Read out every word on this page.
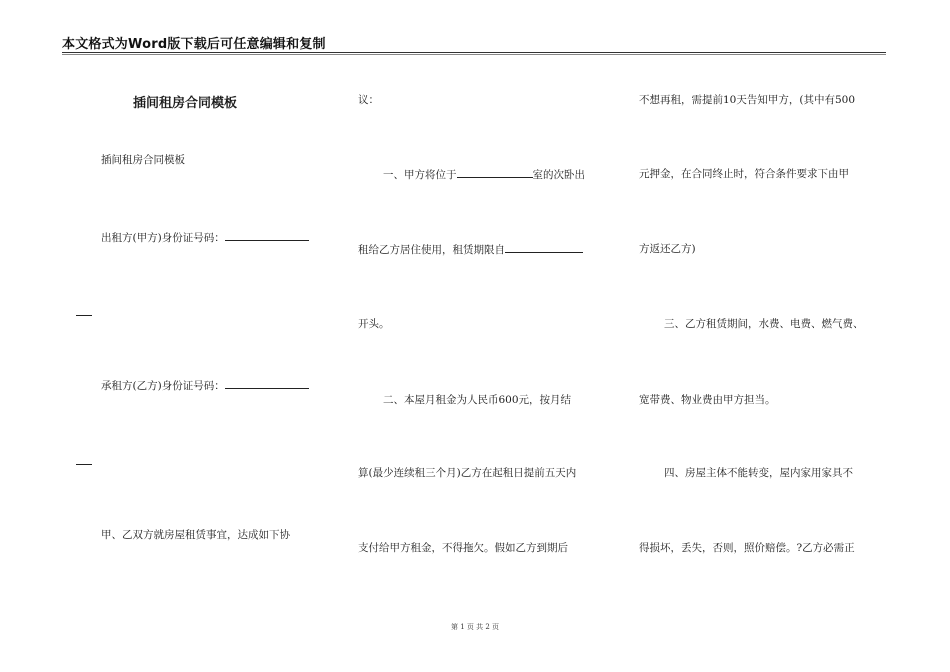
本文格式为Word版下载后可任意编辑和复制
插间租房合同模板
插间租房合同模板
出租方(甲方)身份证号码：
承租方(乙方)身份证号码：
甲、乙双方就房屋租赁事宜，达成如下协
议：
一、甲方将位于	室的次卧出
租给乙方居住使用，租赁期限自
开头。
二、本屋月租金为人民币600元，按月结
算(最少连续租三个月)乙方在起租日提前五天内
支付给甲方租金，不得拖欠。假如乙方到期后
不想再租，需提前10天告知甲方，(其中有500
元押金，在合同终止时，符合条件要求下由甲
方返还乙方)
三、乙方租赁期间，水费、电费、燃气费、
宽带费、物业费由甲方担当。
四、房屋主体不能转变，屋内家用家具不
得损坏，丢失，否则，照价赔偿。?乙方必需正
第 1 页 共 2 页
